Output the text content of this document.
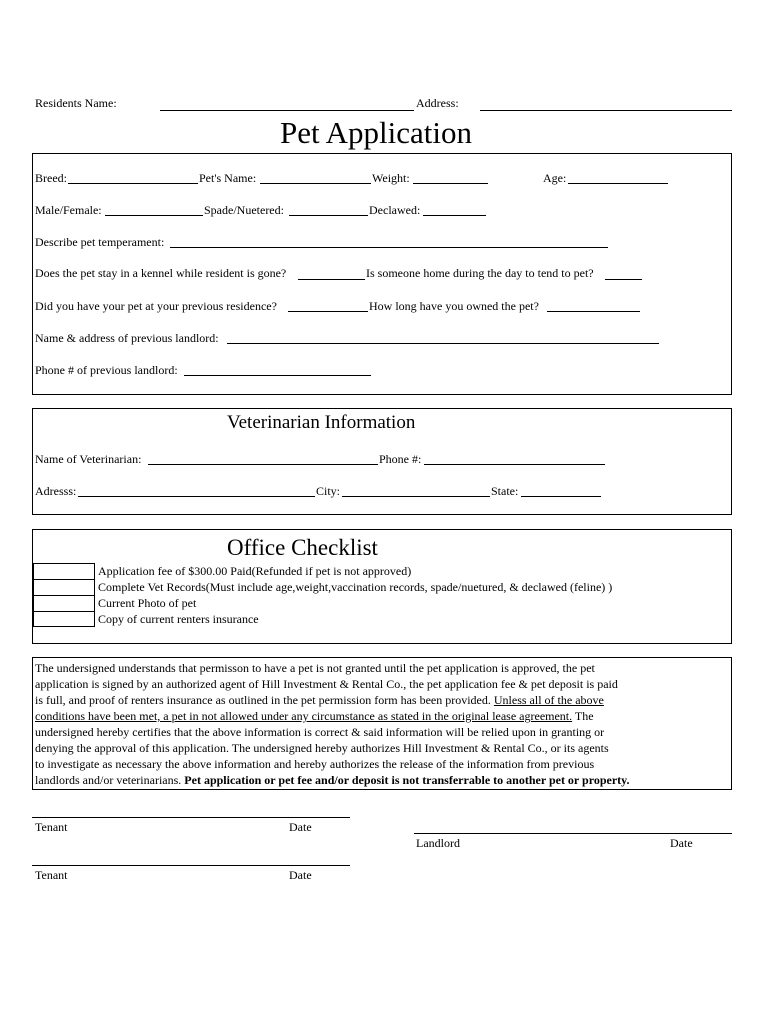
Residents Name:	Address:
Pet Application
Breed:	Pet's Name:	Weight:	Age:
Male/Female:	Spade/Nuetered:	Declawed:
Describe pet temperament:
Does the pet stay in a kennel while resident is gone?	Is someone home during the day to tend to pet?
Did you have your pet at your previous residence?	How long have you owned the pet?
Name & address of previous landlord:
Phone # of previous landlord:
Veterinarian Information
Name of Veterinarian:	Phone #:
Adresss:	City:	State:
Office Checklist
Application fee of $300.00 Paid(Refunded if pet is not approved)
Complete Vet Records(Must include age,weight,vaccination records, spade/nuetured, & declawed (feline) )
Current Photo of pet
Copy of current renters insurance
The undersigned understands that permisson to have a pet is not granted until the pet application is approved, the pet
application is signed by an authorized agent of Hill Investment & Rental Co., the pet application fee & pet deposit is paid
is full, and proof of renters insurance as outlined in the pet permission form has been provided. Unless all of the above
conditions have been met, a pet in not allowed under any circumstance as stated in the original lease agreement. The
undersigned hereby certifies that the above information is correct & said information will be relied upon in granting or
denying the approval of this application. The undersigned hereby authorizes Hill Investment & Rental Co., or its agents
to investigate as necessary the above information and hereby authorizes the release of the information from previous
landlords and/or veterinarians. Pet application or pet fee and/or deposit is not transferrable to another pet or property.
Tenant	Date
Landlord	Date
Tenant	Date
